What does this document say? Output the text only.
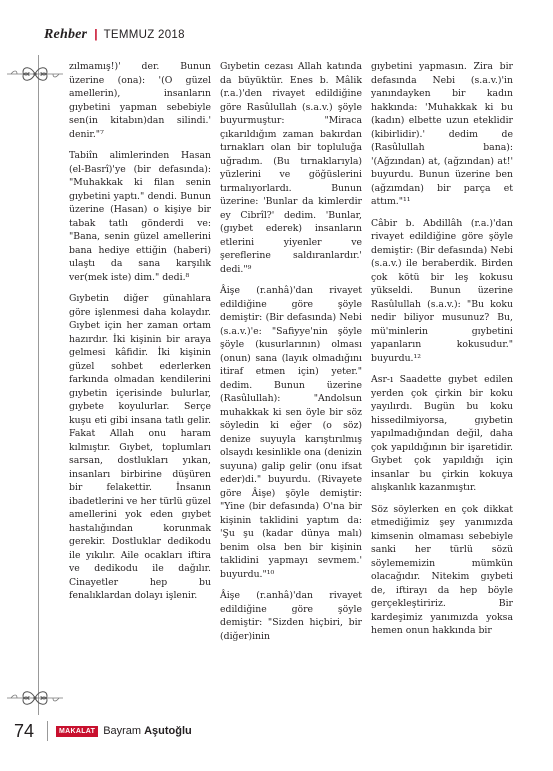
Rehber | TEMMUZ 2018

zılmamış!)' der. Bunun üzerine (ona): '(O güzel amellerin), insanların gıybetini yapman sebebiyle sen(in kitabın)dan silindi.' denir."⁷

Tabiîn alimlerinden Hasan (el-Basrî)'ye (bir defasında): "Muhakkak ki filan senin gıybetini yaptı." dendi. Bunun üzerine (Hasan) o kişiye bir tabak tatlı gönderdi ve: "Bana, senin güzel amellerini bana hediye ettiğin (haberi) ulaştı da sana karşılık ver(mek iste) dim." dedi.⁸

Gıybetin diğer günahlara göre işlenmesi daha kolaydır. Gıybet için her zaman ortam hazırdır. İki kişinin bir araya gelmesi kâfidir. İki kişinin güzel sohbet ederlerken farkında olmadan kendilerini gıybetin içerisinde bulurlar, gıybete koyulurlar. Serçe kuşu eti gibi insana tatlı gelir. Fakat Allah onu haram kılmıştır. Gıybet, toplumları sarsan, dostlukları yıkan, insanları birbirine düşüren bir felakettir. İnsanın ibadetlerini ve her türlü güzel amellerini yok eden gıybet hastalığından korunmak gerekir. Dostluklar dedikodu ile yıkılır. Aile ocakları iftira ve dedikodu ile dağılır. Cinayetler hep bu fenalıklardan dolayı işlenir.

Gıybetin cezası Allah katında da büyüktür. Enes b. Mâlik (r.a.)'den rivayet edildiğine göre Rasûlullah (s.a.v.) şöyle buyurmuştur: "Miraca çıkarıldığım zaman bakırdan tırnakları olan bir topluluğa uğradım. (Bu tırnaklarıyla) yüzlerini ve göğüslerini tırmalıyorlardı. Bunun üzerine: 'Bunlar da kimlerdir ey Cibrîl?' dedim. 'Bunlar, (gıybet ederek) insanların etlerini yiyenler ve şereflerine saldıranlardır.' dedi."⁹

Âişe (r.anhâ)'dan rivayet edildiğine göre şöyle demiştir: (Bir defasında) Nebi (s.a.v.)'e: "Safiyye'nin şöyle şöyle (kusurlarının) olması (onun) sana (layık olmadığını itiraf etmen için) yeter." dedim. Bunun üzerine (Rasûlullah): "Andolsun muhakkak ki sen öyle bir söz söyledin ki eğer (o söz) denize suyuyla karıştırılmış olsaydı kesinlikle ona (denizin suyuna) galip gelir (onu ifsat eder)di." buyurdu. (Rivayete göre Âişe) şöyle demiştir: "Yine (bir defasında) O'na bir kişinin taklidini yaptım da: 'Şu şu (kadar dünya malı) benim olsa ben bir kişinin taklidini yapmayı sevmem.' buyurdu."¹⁰

Âişe (r.anhâ)'dan rivayet edildiğine göre şöyle demiştir: "Sizden hiçbiri, bir (diğer)inin

gıybetini yapmasın. Zira bir defasında Nebi (s.a.v.)'in yanındayken bir kadın hakkında: 'Muhakkak ki bu (kadın) elbette uzun eteklidir (kibirlidir).' dedim de (Rasûlullah bana): '(Ağzından) at, (ağzından) at!' buyurdu. Bunun üzerine ben (ağzımdan) bir parça et attım."¹¹

Câbir b. Abdillâh (r.a.)'dan rivayet edildiğine göre şöyle demiştir: (Bir defasında) Nebi (s.a.v.) ile beraberdik. Birden çok kötü bir leş kokusu yükseldi. Bunun üzerine Rasûlullah (s.a.v.): "Bu koku nedir biliyor musunuz? Bu, mü'minlerin gıybetini yapanların kokusudur." buyurdu.¹²

Asr-ı Saadette gıybet edilen yerden çok çirkin bir koku yayılırdı. Bugün bu koku hissedilmiyorsa, gıybetin yapılmadığından değil, daha çok yapıldığının bir işaretidir. Gıybet çok yapıldığı için insanlar bu çirkin kokuya alışkanlık kazanmıştır.

Söz söylerken en çok dikkat etmediğimiz şey yanımızda kimsenin olmaması sebebiyle sanki her türlü sözü söylememizin mümkün olacağıdır. Nitekim gıybeti de, iftirayı da hep böyle gerçekleştiririz. Bir kardeşimiz yanımızda yoksa hemen onun hakkında bir

74	MAKALAT Bayram Aşutoğlu
